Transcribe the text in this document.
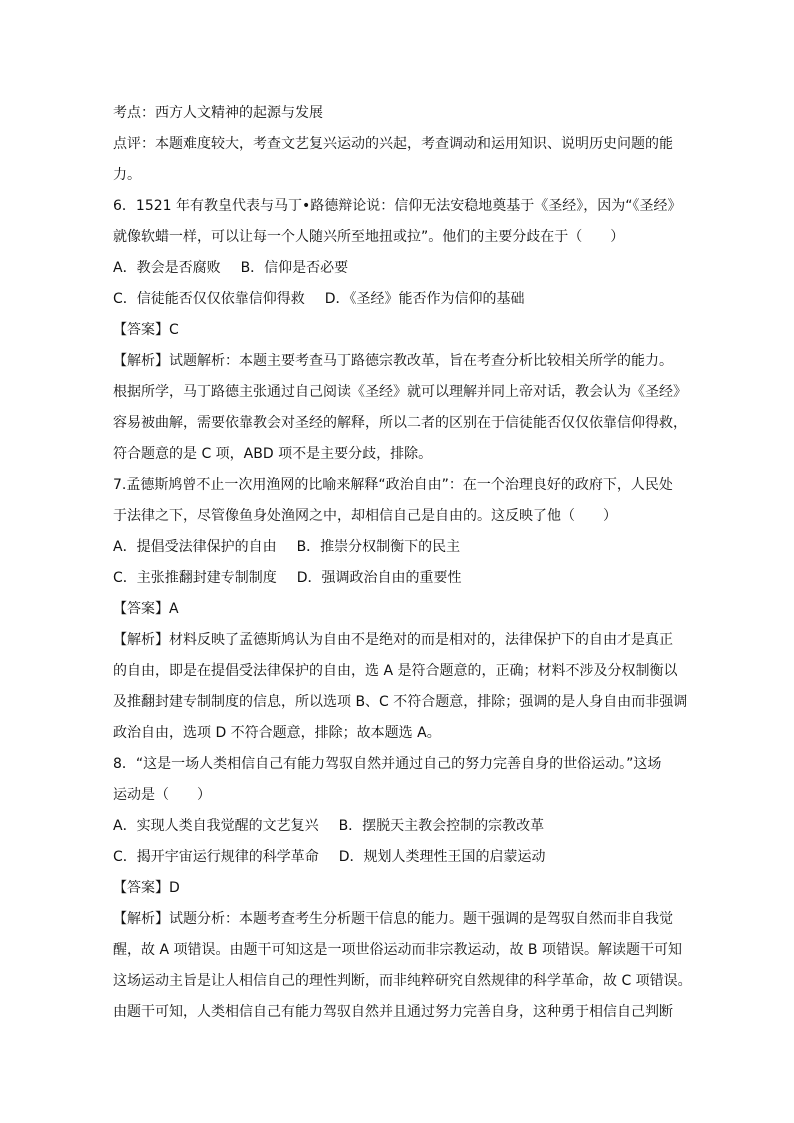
考点：西方人文精神的起源与发展
点评：本题难度较大，考查文艺复兴运动的兴起，考查调动和运用知识、说明历史问题的能
力。
6．1521 年有教皇代表与马丁•路德辩论说：信仰无法安稳地奠基于《圣经》，因为“《圣经》
就像软蜡一样，可以让每一个人随兴所至地扭或拉”。他们的主要分歧在于（　　）
A．教会是否腐败 B．信仰是否必要
C．信徒能否仅仅依靠信仰得救 D．《圣经》能否作为信仰的基础
【答案】C
【解析】试题解析：本题主要考查马丁路德宗教改革，旨在考查分析比较相关所学的能力。
根据所学，马丁路德主张通过自己阅读《圣经》就可以理解并同上帝对话，教会认为《圣经》
容易被曲解，需要依靠教会对圣经的解释，所以二者的区别在于信徒能否仅仅依靠信仰得救，
符合题意的是 C 项，ABD 项不是主要分歧，排除。
7.孟德斯鸠曾不止一次用渔网的比喻来解释“政治自由”：在一个治理良好的政府下，人民处
于法律之下，尽管像鱼身处渔网之中，却相信自己是自由的。这反映了他（　　）
A．提倡受法律保护的自由 B．推崇分权制衡下的民主
C．主张推翻封建专制制度 D．强调政治自由的重要性
【答案】A
【解析】材料反映了孟德斯鸠认为自由不是绝对的而是相对的，法律保护下的自由才是真正
的自由，即是在提倡受法律保护的自由，选 A 是符合题意的，正确；材料不涉及分权制衡以
及推翻封建专制制度的信息，所以选项 B、C 不符合题意，排除；强调的是人身自由而非强调
政治自由，选项 D 不符合题意，排除；故本题选 A。
8．“这是一场人类相信自己有能力驾驭自然并通过自己的努力完善自身的世俗运动。”这场
运动是（　　）
A．实现人类自我觉醒的文艺复兴 B．摆脱天主教会控制的宗教改革
C．揭开宇宙运行规律的科学革命 D．规划人类理性王国的启蒙运动
【答案】D
【解析】试题分析：本题考查考生分析题干信息的能力。题干强调的是驾驭自然而非自我觉
醒，故 A 项错误。由题干可知这是一项世俗运动而非宗教运动，故 B 项错误。解读题干可知
这场运动主旨是让人相信自己的理性判断，而非纯粹研究自然规律的科学革命，故 C 项错误。
由题干可知，人类相信自己有能力驾驭自然并且通过努力完善自身，这种勇于相信自己判断
